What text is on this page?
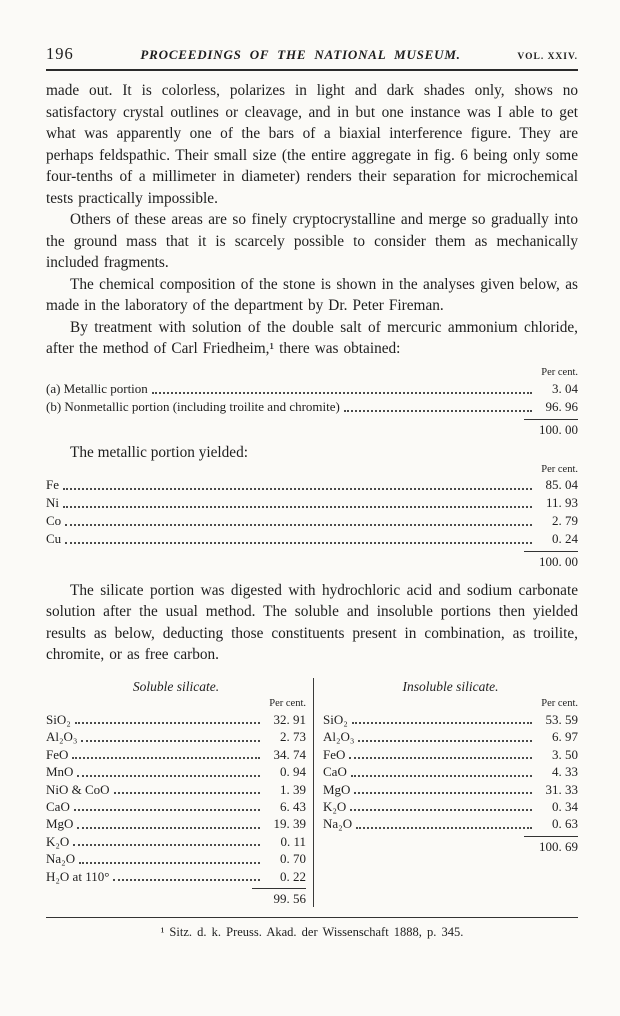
196	PROCEEDINGS OF THE NATIONAL MUSEUM.	VOL. XXIV.

made out. It is colorless, polarizes in light and dark shades only, shows no satisfactory crystal outlines or cleavage, and in but one instance was I able to get what was apparently one of the bars of a biaxial interference figure. They are perhaps feldspathic. Their small size (the entire aggregate in fig. 6 being only some four-tenths of a millimeter in diameter) renders their separation for microchemical tests practically impossible.

Others of these areas are so finely cryptocrystalline and merge so gradually into the ground mass that it is scarcely possible to consider them as mechanically included fragments.

The chemical composition of the stone is shown in the analyses given below, as made in the laboratory of the department by Dr. Peter Fireman.

By treatment with solution of the double salt of mercuric ammonium chloride, after the method of Carl Friedheim,¹ there was obtained:

Per cent.
(a) Metallic portion	3. 04
(b) Nonmetallic portion (including troilite and chromite)	96. 96
100. 00
The metallic portion yielded:
Per cent.
Fe	85. 04
Ni	11. 93
Co	2. 79
Cu	0. 24
100. 00

The silicate portion was digested with hydrochloric acid and sodium carbonate solution after the usual method. The soluble and insoluble portions then yielded results as below, deducting those constituents present in combination, as troilite, chromite, or as free carbon.

Soluble silicate.
Per cent.
SiO₂	32. 91
Al₂O₃	2. 73
FeO	34. 74
MnO	0. 94
NiO & CoO	1. 39
CaO	6. 43
MgO	19. 39
K₂O	0. 11
Na₂O	0. 70
H₂O at 110°	0. 22
99. 56
Insoluble silicate.
Per cent.
SiO₂	53. 59
Al₂O₃	6. 97
FeO	3. 50
CaO	4. 33
MgO	31. 33
K₂O	0. 34
Na₂O	0. 63
100. 69
¹ Sitz. d. k. Preuss. Akad. der Wissenschaft 1888, p. 345.
